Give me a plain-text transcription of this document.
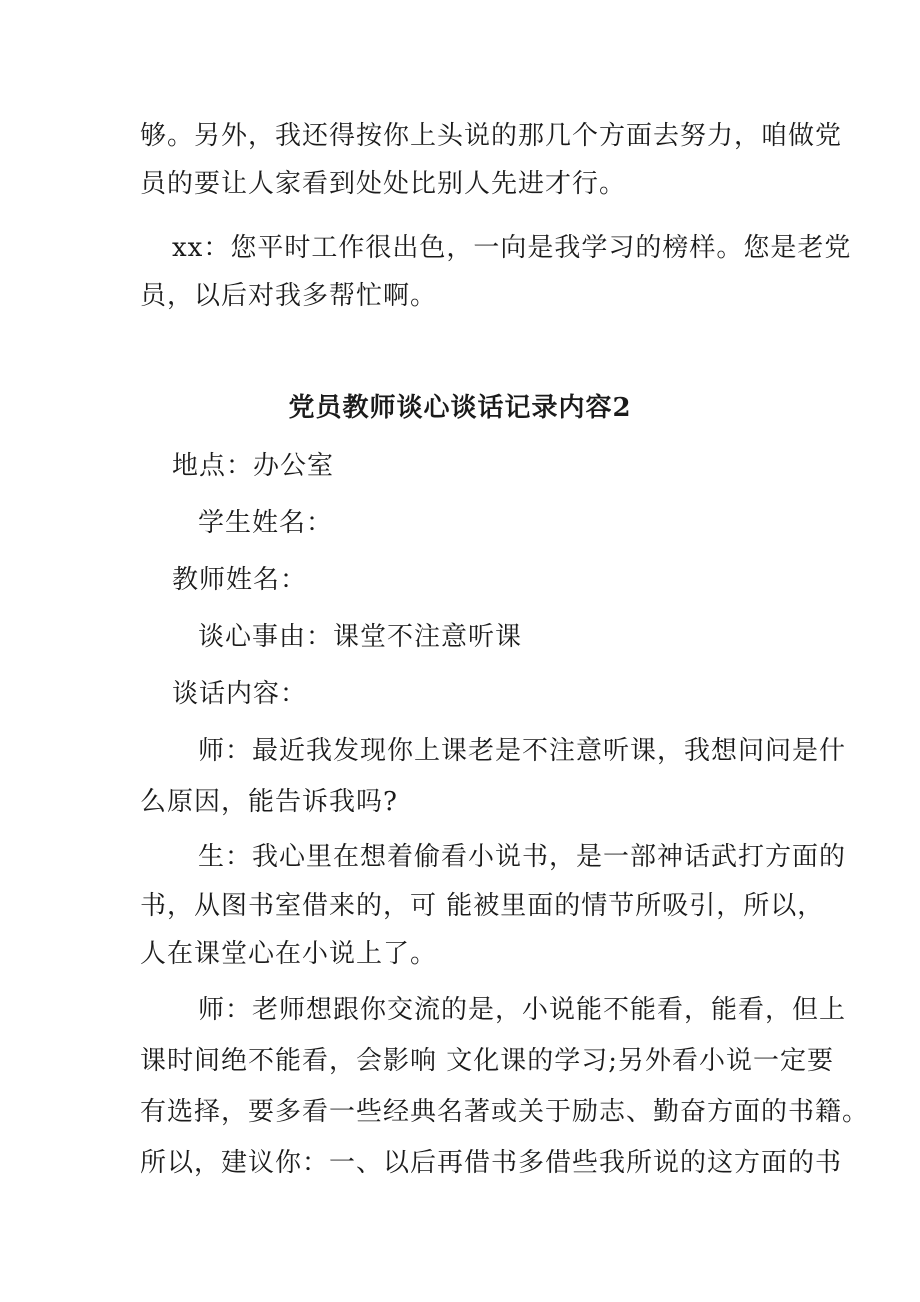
够。另外，我还得按你上头说的那几个方面去努力，咱做党
员的要让人家看到处处比别人先进才行。
xx：您平时工作很出色，一向是我学习的榜样。您是老党
员，以后对我多帮忙啊。
党员教师谈心谈话记录内容2
地点：办公室
学生姓名：
教师姓名：
谈心事由：课堂不注意听课
谈话内容：
师：最近我发现你上课老是不注意听课，我想问问是什
么原因，能告诉我吗?
生：我心里在想着偷看小说书，是一部神话武打方面的
书，从图书室借来的，可 能被里面的情节所吸引，所以，
人在课堂心在小说上了。
师：老师想跟你交流的是，小说能不能看，能看，但上
课时间绝不能看，会影响 文化课的学习;另外看小说一定要
有选择，要多看一些经典名著或关于励志、勤奋方面的书籍。
所以，建议你：一、以后再借书多借些我所说的这方面的书
